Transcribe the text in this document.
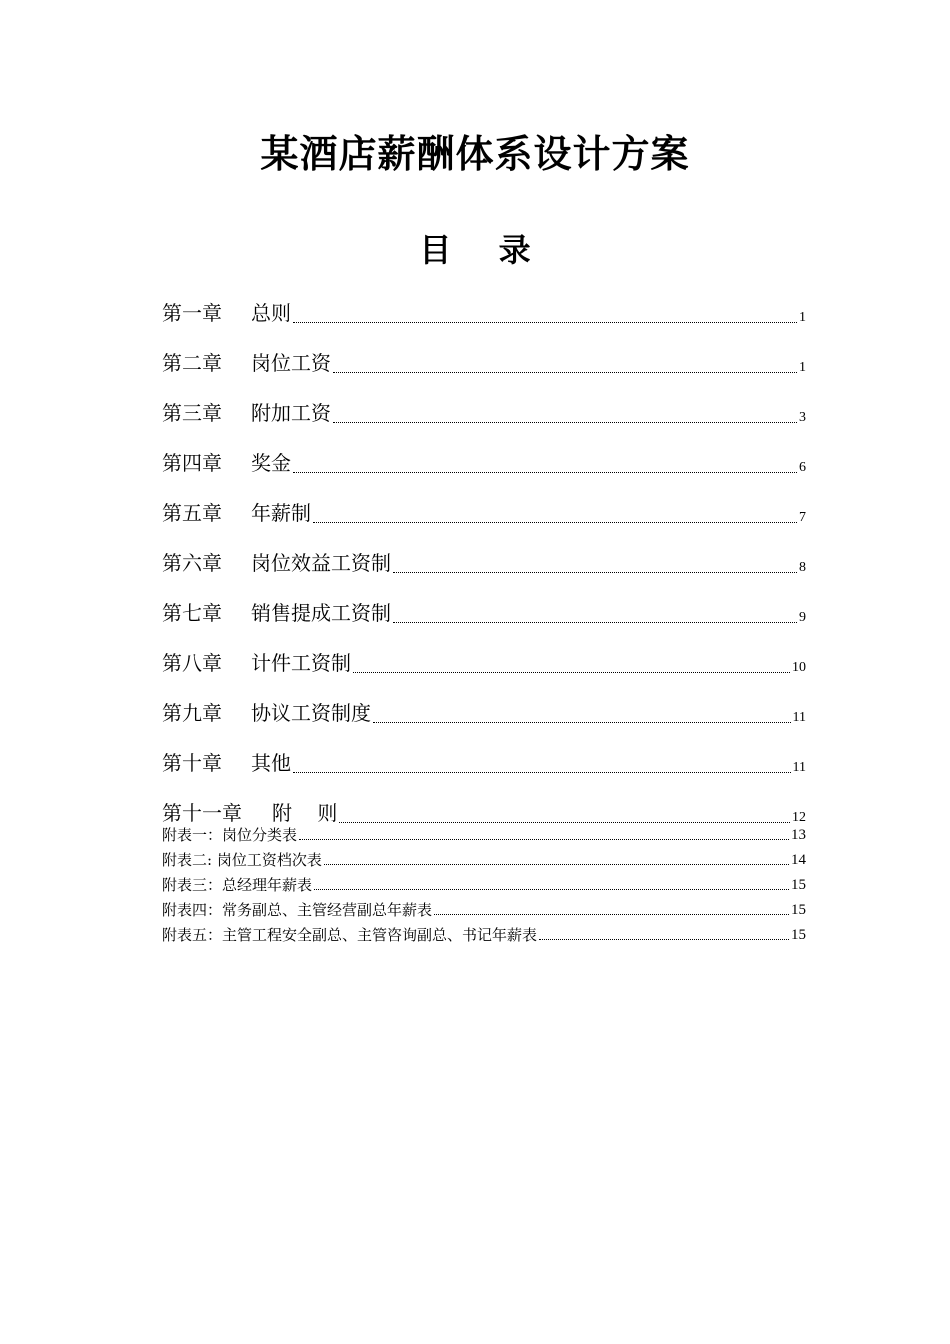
某酒店薪酬体系设计方案
目 录
第一章 总则	1
第二章 岗位工资	1
第三章 附加工资	3
第四章 奖金	6
第五章 年薪制	7
第六章 岗位效益工资制	8
第七章 销售提成工资制	9
第八章 计件工资制	10
第九章 协议工资制度	11
第十章 其他	11
第十一章 附    则	12
附表一：岗位分类表	13
附表二: 岗位工资档次表	14
附表三：总经理年薪表	15
附表四：常务副总、主管经营副总年薪表	15
附表五：主管工程安全副总、主管咨询副总、书记年薪表	15
